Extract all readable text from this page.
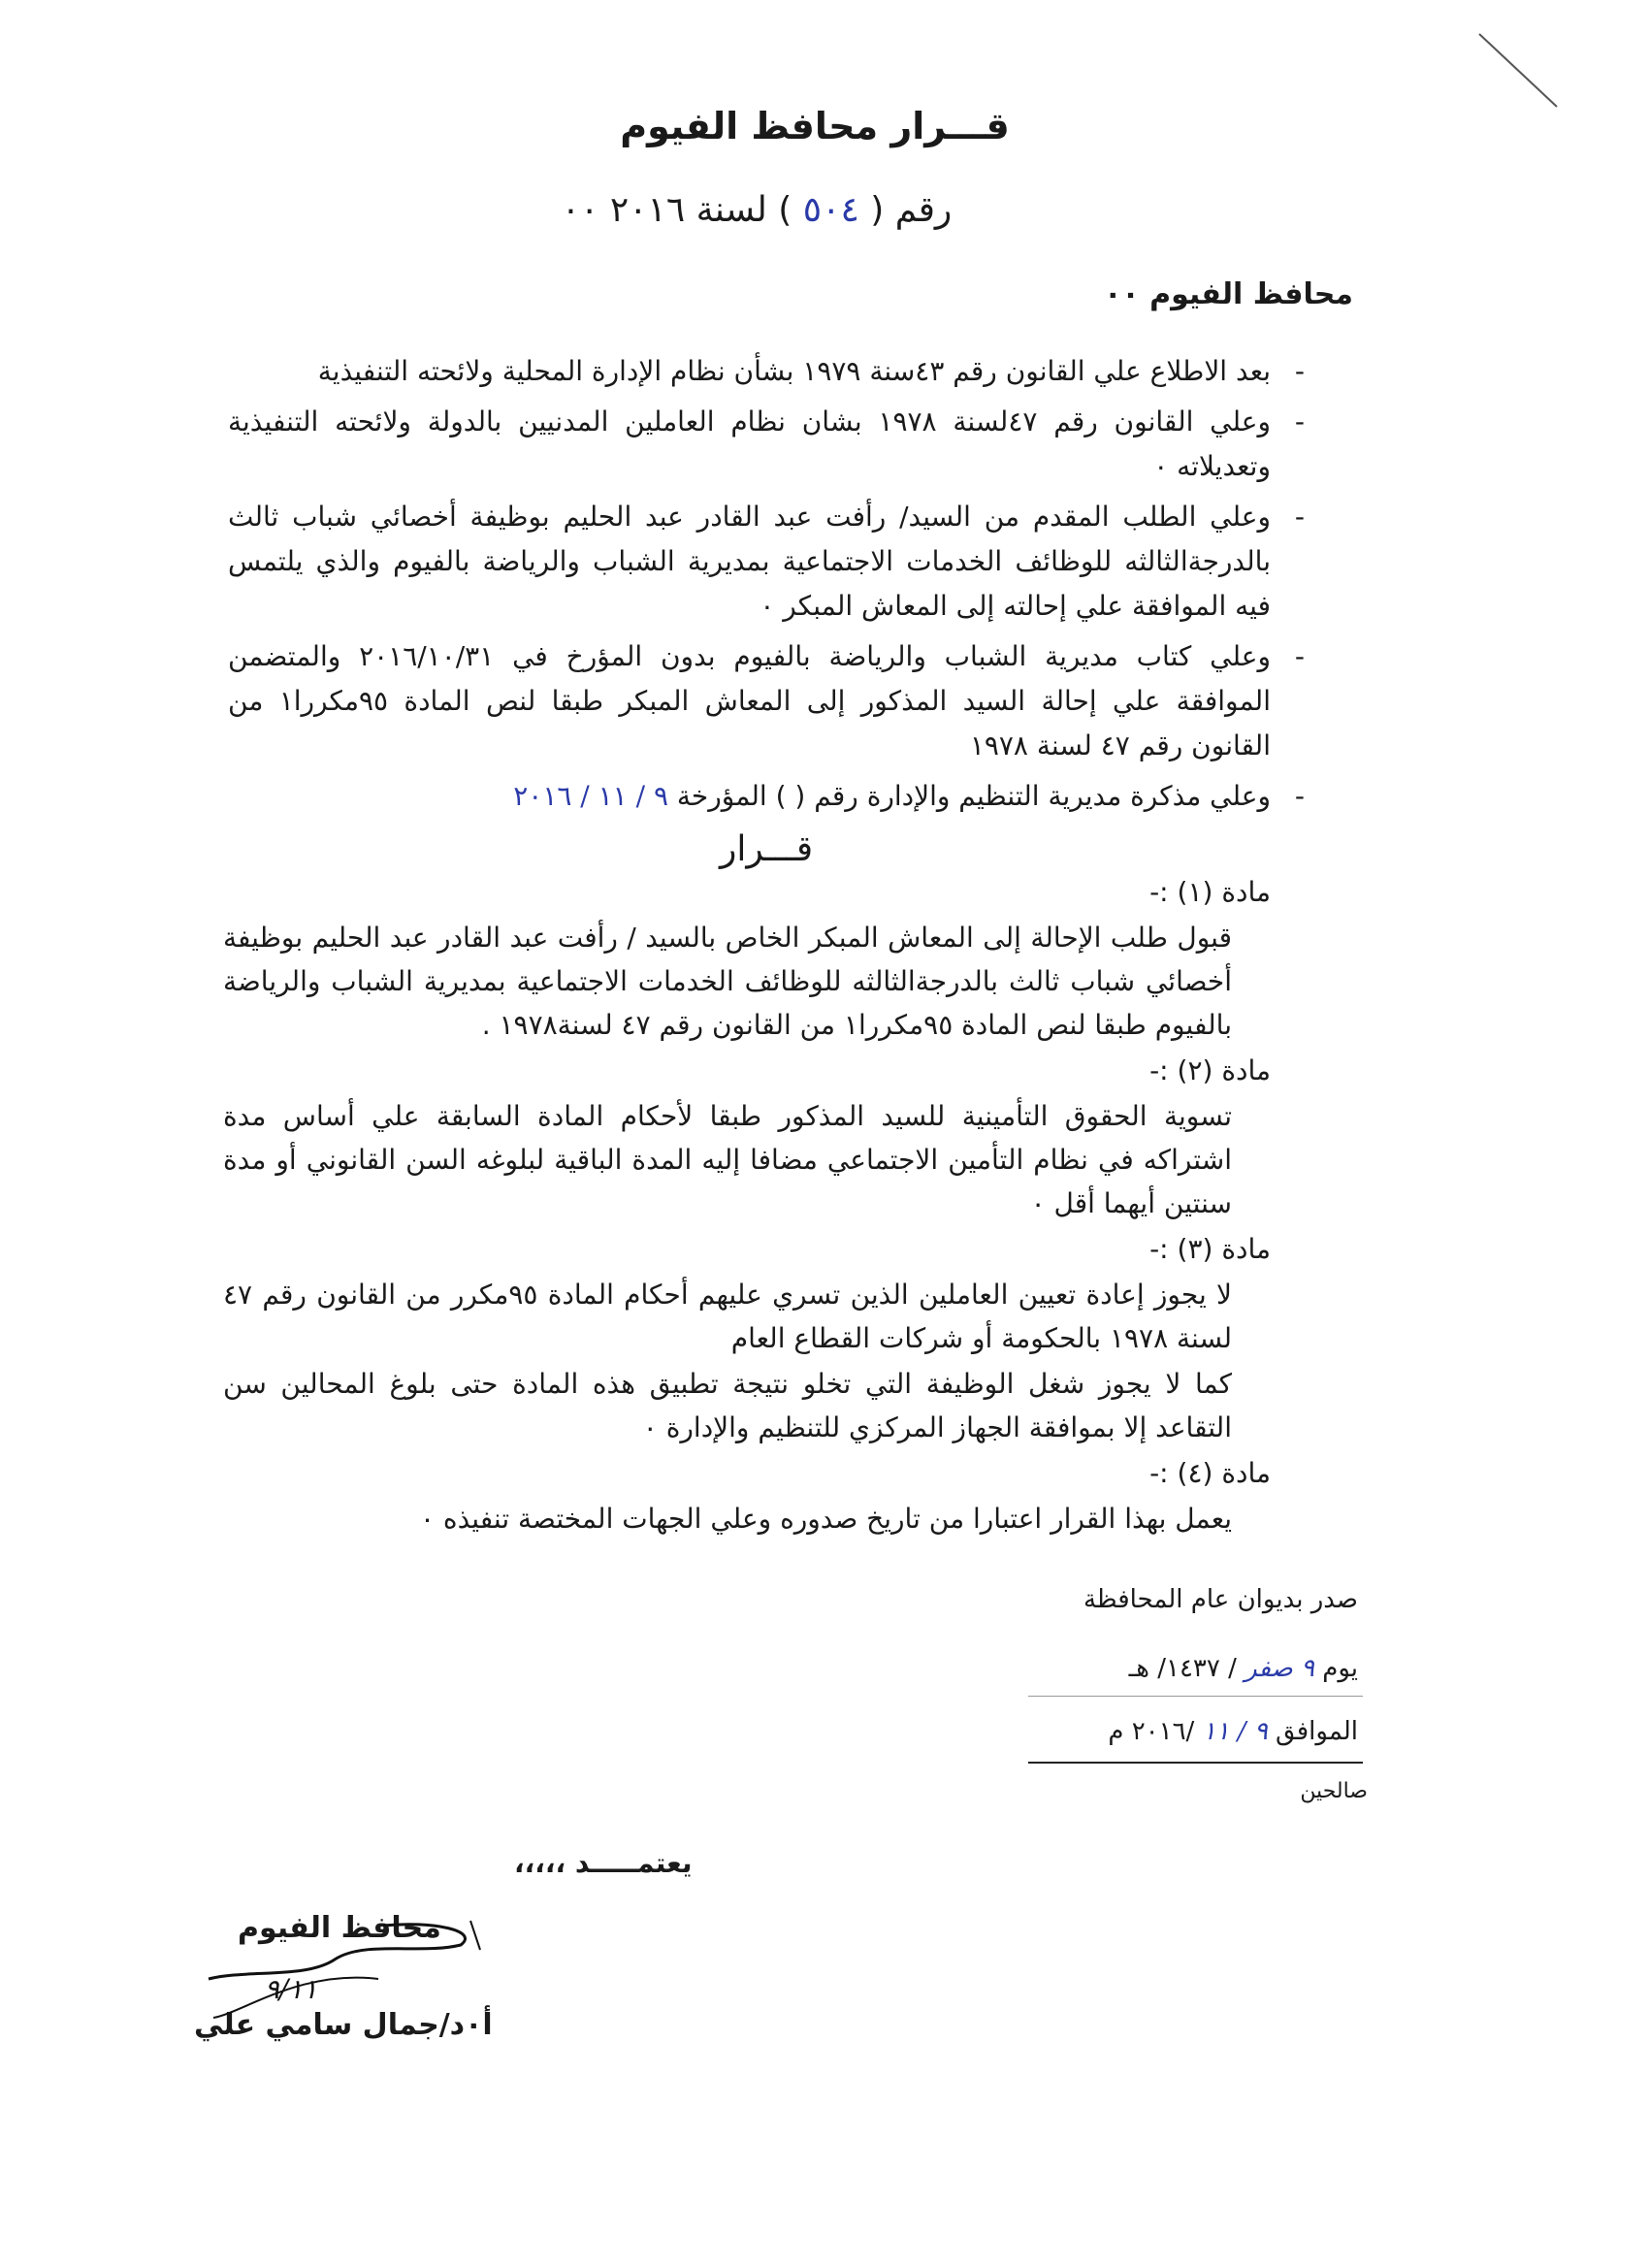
قـــرار محافظ الفيوم
رقم ( ٥٠٤ ) لسنة ٢٠١٦ ٠٠
محافظ الفيوم ٠٠
- بعد الاطلاع علي القانون رقم ٤٣سنة ١٩٧٩ بشأن نظام الإدارة المحلية ولائحته التنفيذية
- وعلي القانون رقم ٤٧لسنة ١٩٧٨ بشان نظام العاملين المدنيين بالدولة ولائحته التنفيذية وتعديلاته ٠
- وعلي الطلب المقدم من السيد/ رأفت عبد القادر عبد الحليم بوظيفة أخصائي شباب ثالث بالدرجةالثالثه للوظائف الخدمات الاجتماعية بمديرية الشباب والرياضة بالفيوم والذي يلتمس فيه الموافقة علي إحالته إلى المعاش المبكر ٠
- وعلي كتاب مديرية الشباب والرياضة بالفيوم بدون المؤرخ في ٢٠١٦/١٠/٣١ والمتضمن الموافقة علي إحالة السيد المذكور إلى المعاش المبكر طبقا لنص المادة ٩٥مكررا١ من القانون رقم ٤٧ لسنة ١٩٧٨
- وعلي مذكرة مديرية التنظيم والإدارة رقم ( ) المؤرخة ٩ / ١١ / ٢٠١٦
قـــرار
مادة (١) :-
قبول طلب الإحالة إلى المعاش المبكر الخاص بالسيد / رأفت عبد القادر عبد الحليم بوظيفة أخصائي شباب ثالث بالدرجةالثالثه للوظائف الخدمات الاجتماعية بمديرية الشباب والرياضة بالفيوم طبقا لنص المادة ٩٥مكررا١ من القانون رقم ٤٧ لسنة١٩٧٨ .
مادة (٢) :-
تسوية الحقوق التأمينية للسيد المذكور طبقا لأحكام المادة السابقة علي أساس مدة اشتراكه في نظام التأمين الاجتماعي مضافا إليه المدة الباقية لبلوغه السن القانوني أو مدة سنتين أيهما أقل ٠
مادة (٣) :-
لا يجوز إعادة تعيين العاملين الذين تسري عليهم أحكام المادة ٩٥مكرر من القانون رقم ٤٧ لسنة ١٩٧٨ بالحكومة أو شركات القطاع العام
كما لا يجوز شغل الوظيفة التي تخلو نتيجة تطبيق هذه المادة حتى بلوغ المحالين سن التقاعد إلا بموافقة الجهاز المركزي للتنظيم والإدارة ٠
مادة (٤) :-
يعمل بهذا القرار اعتبارا من تاريخ صدوره وعلي الجهات المختصة تنفيذه ٠
صدر بديوان عام المحافظة
يوم ٩ صفر / ١٤٣٧/ هـ
الموافق ٩ / ١١ /٢٠١٦ م
صالحين
يعتمـــــد ،،،،،
محافظ الفيوم
أ٠د/جمال سامي علي
٩/١١
